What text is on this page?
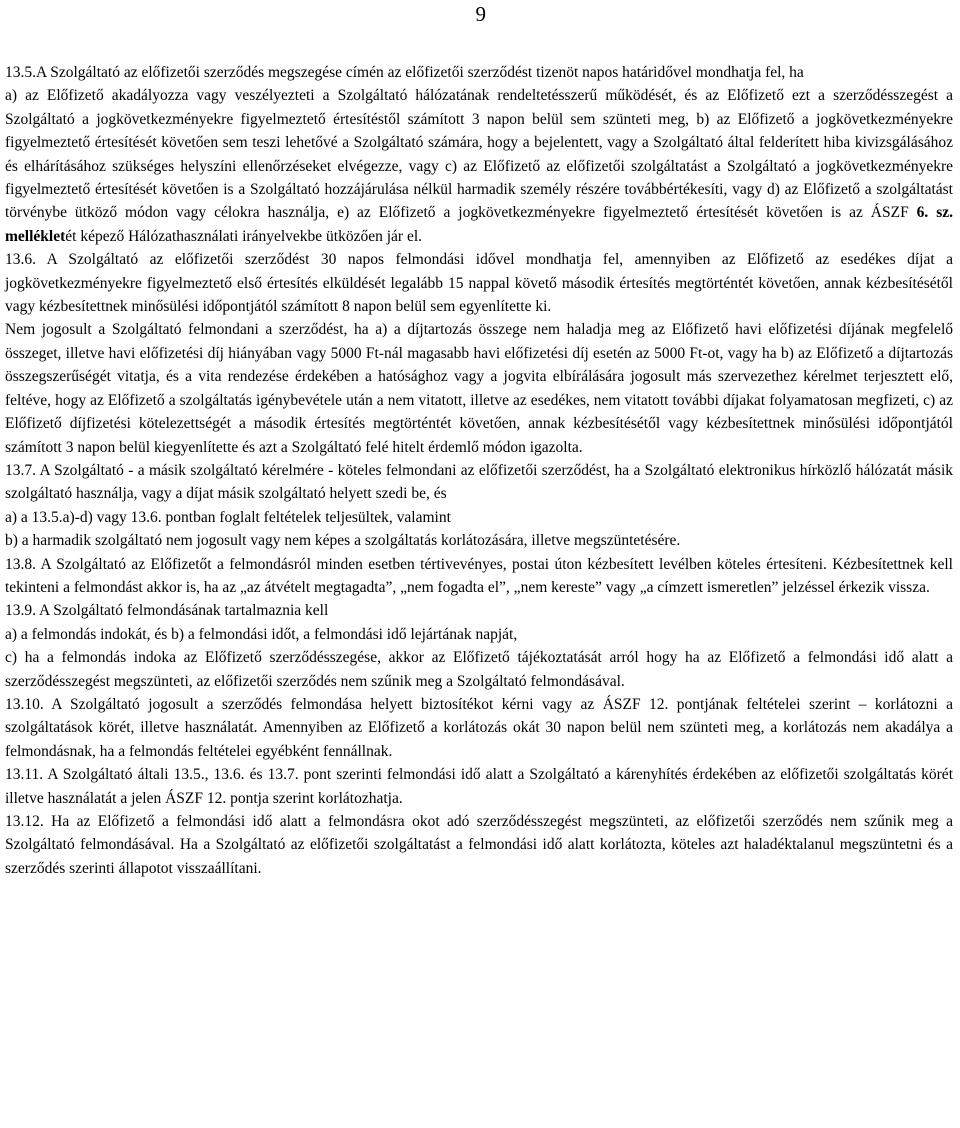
9

13.5.A Szolgáltató az előfizetői szerződés megszegése címén az előfizetői szerződést tizenöt napos határidővel mondhatja fel, ha

a) az Előfizető akadályozza vagy veszélyezteti a Szolgáltató hálózatának rendeltetésszerű működését, és az Előfizető ezt a szerződésszegést a Szolgáltató a jogkövetkezményekre figyelmeztető értesítéstől számított 3 napon belül sem szünteti meg, b) az Előfizető a jogkövetkezményekre figyelmeztető értesítését követően sem teszi lehetővé a Szolgáltató számára, hogy a bejelentett, vagy a Szolgáltató által felderített hiba kivizsgálásához és elhárításához szükséges helyszíni ellenőrzéseket elvégezze, vagy c) az Előfizető az előfizetői szolgáltatást a Szolgáltató a jogkövetkezményekre figyelmeztető értesítését követően is a Szolgáltató hozzájárulása nélkül harmadik személy részére továbbértékesíti, vagy d) az Előfizető a szolgáltatást törvénybe ütköző módon vagy célokra használja, e) az Előfizető a jogkövetkezményekre figyelmeztető értesítését követően is az ÁSZF 6. sz. mellékletét képező Hálózathasználati irányelvekbe ütközően jár el.

13.6. A Szolgáltató az előfizetői szerződést 30 napos felmondási idővel mondhatja fel, amennyiben az Előfizető az esedékes díjat a jogkövetkezményekre figyelmeztető első értesítés elküldését legalább 15 nappal követő második értesítés megtörténtét követően, annak kézbesítésétől vagy kézbesítettnek minősülési időpontjától számított 8 napon belül sem egyenlítette ki.

Nem jogosult a Szolgáltató felmondani a szerződést, ha a) a díjtartozás összege nem haladja meg az Előfizető havi előfizetési díjának megfelelő összeget, illetve havi előfizetési díj hiányában vagy 5000 Ft-nál magasabb havi előfizetési díj esetén az 5000 Ft-ot, vagy ha b) az Előfizető a díjtartozás összegszerűségét vitatja, és a vita rendezése érdekében a hatósághoz vagy a jogvita elbírálására jogosult más szervezethez kérelmet terjesztett elő, feltéve, hogy az Előfizető a szolgáltatás igénybevétele után a nem vitatott, illetve az esedékes, nem vitatott további díjakat folyamatosan megfizeti, c) az Előfizető díjfizetési kötelezettségét a második értesítés megtörténtét követően, annak kézbesítésétől vagy kézbesítettnek minősülési időpontjától számított 3 napon belül kiegyenlítette és azt a Szolgáltató felé hitelt érdemlő módon igazolta.

13.7. A Szolgáltató - a másik szolgáltató kérelmére - köteles felmondani az előfizetői szerződést, ha a Szolgáltató elektronikus hírközlő hálózatát másik szolgáltató használja, vagy a díjat másik szolgáltató helyett szedi be, és

a) a 13.5.a)-d) vagy 13.6. pontban foglalt feltételek teljesültek, valamint

b) a harmadik szolgáltató nem jogosult vagy nem képes a szolgáltatás korlátozására, illetve megszüntetésére.

13.8. A Szolgáltató az Előfizetőt a felmondásról minden esetben tértivevényes, postai úton kézbesített levélben köteles értesíteni. Kézbesítettnek kell tekinteni a felmondást akkor is, ha az „az átvételt megtagadta”, „nem fogadta el”, „nem kereste” vagy „a címzett ismeretlen” jelzéssel érkezik vissza.

13.9. A Szolgáltató felmondásának tartalmaznia kell

a) a felmondás indokát, és b) a felmondási időt, a felmondási idő lejártának napját,

c) ha a felmondás indoka az Előfizető szerződésszegése, akkor az Előfizető tájékoztatását arról hogy ha az Előfizető a felmondási idő alatt a szerződésszegést megszünteti, az előfizetői szerződés nem szűnik meg a Szolgáltató felmondásával.

13.10. A Szolgáltató jogosult a szerződés felmondása helyett biztosítékot kérni vagy az ÁSZF 12. pontjának feltételei szerint – korlátozni a szolgáltatások körét, illetve használatát. Amennyiben az Előfizető a korlátozás okát 30 napon belül nem szünteti meg, a korlátozás nem akadálya a felmondásnak, ha a felmondás feltételei egyébként fennállnak.

13.11. A Szolgáltató általi 13.5., 13.6. és 13.7. pont szerinti felmondási idő alatt a Szolgáltató a kárenyhítés érdekében az előfizetői szolgáltatás körét illetve használatát a jelen ÁSZF 12. pontja szerint korlátozhatja.

13.12. Ha az Előfizető a felmondási idő alatt a felmondásra okot adó szerződésszegést megszünteti, az előfizetői szerződés nem szűnik meg a Szolgáltató felmondásával. Ha a Szolgáltató az előfizetői szolgáltatást a felmondási idő alatt korlátozta, köteles azt haladéktalanul megszüntetni és a szerződés szerinti állapotot visszaállítani.
